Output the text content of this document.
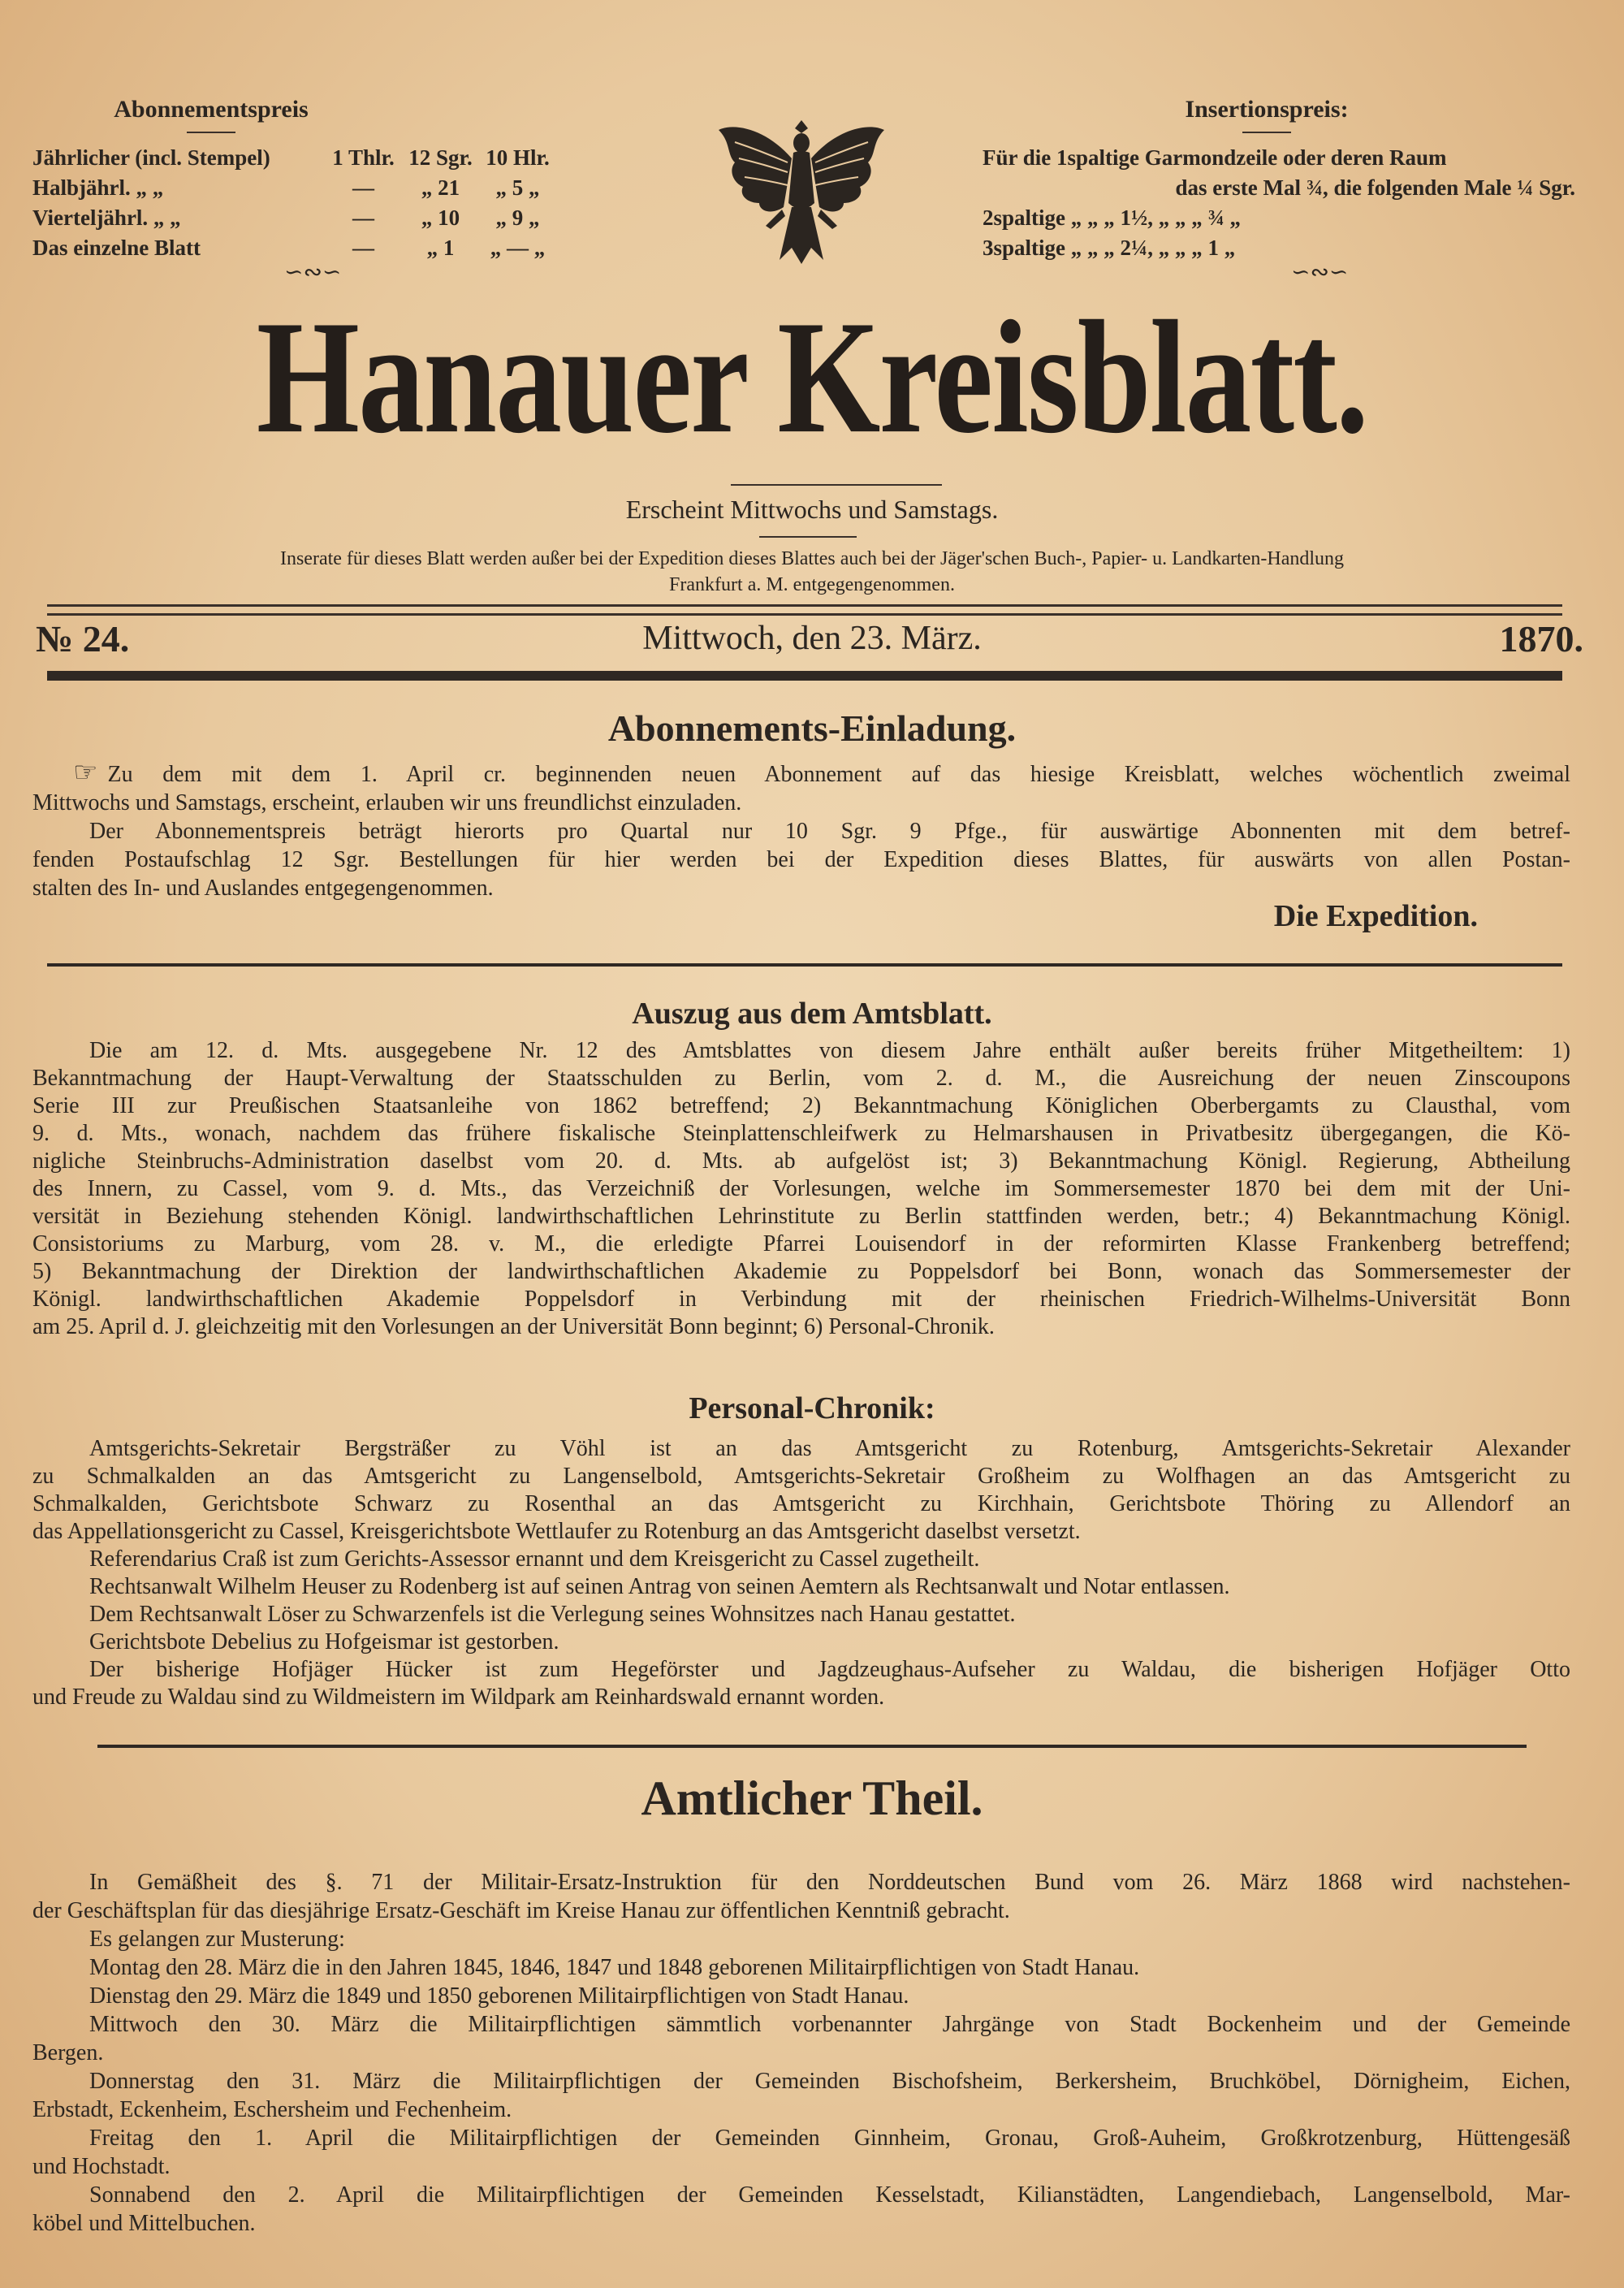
Abonnementspreis
Jährlicher (incl. Stempel)	1 Thlr. 12 Sgr. 10 Hlr.
Halbjährl. „ „	—	„ 21	„ 5 „
Vierteljährl. „ „	—	„ 10	„ 9 „
Das einzelne Blatt	—	„ 1	„ — „
Insertionspreis:
Für die 1spaltige Garmondzeile oder deren Raum
das erste Mal ¾, die folgenden Male ¼ Sgr.
2spaltige „ „ „ 1½, „ „ „ ¾ „
3spaltige „ „ „ 2¼, „ „ „ 1 „
∽∾∽	∽∾∽
Hanauer Kreisblatt.
Erscheint Mittwochs und Samstags.
Inserate für dieses Blatt werden außer bei der Expedition dieses Blattes auch bei der Jäger'schen Buch-, Papier- u. Landkarten-Handlung
Frankfurt a. M. entgegengenommen.
№ 24.	Mittwoch, den 23. März.	1870.
Abonnements-Einladung.
☞ Zu dem mit dem 1. April cr. beginnenden neuen Abonnement auf das hiesige Kreisblatt, welches wöchentlich zweimal
Mittwochs und Samstags, erscheint, erlauben wir uns freundlichst einzuladen.
Der Abonnementspreis beträgt hierorts pro Quartal nur 10 Sgr. 9 Pfge., für auswärtige Abonnenten mit dem betref-
fenden Postaufschlag 12 Sgr. Bestellungen für hier werden bei der Expedition dieses Blattes, für auswärts von allen Postan-
stalten des In- und Auslandes entgegengenommen.
Die Expedition.
Auszug aus dem Amtsblatt.
Die am 12. d. Mts. ausgegebene Nr. 12 des Amtsblattes von diesem Jahre enthält außer bereits früher Mitgetheiltem: 1)
Bekanntmachung der Haupt-Verwaltung der Staatsschulden zu Berlin, vom 2. d. M., die Ausreichung der neuen Zinscoupons
Serie III zur Preußischen Staatsanleihe von 1862 betreffend; 2) Bekanntmachung Königlichen Oberbergamts zu Clausthal, vom
9. d. Mts., wonach, nachdem das frühere fiskalische Steinplattenschleifwerk zu Helmarshausen in Privatbesitz übergegangen, die Kö-
nigliche Steinbruchs-Administration daselbst vom 20. d. Mts. ab aufgelöst ist; 3) Bekanntmachung Königl. Regierung, Abtheilung
des Innern, zu Cassel, vom 9. d. Mts., das Verzeichniß der Vorlesungen, welche im Sommersemester 1870 bei dem mit der Uni-
versität in Beziehung stehenden Königl. landwirthschaftlichen Lehrinstitute zu Berlin stattfinden werden, betr.; 4) Bekanntmachung Königl.
Consistoriums zu Marburg, vom 28. v. M., die erledigte Pfarrei Louisendorf in der reformirten Klasse Frankenberg betreffend;
5) Bekanntmachung der Direktion der landwirthschaftlichen Akademie zu Poppelsdorf bei Bonn, wonach das Sommersemester der
Königl. landwirthschaftlichen Akademie Poppelsdorf in Verbindung mit der rheinischen Friedrich-Wilhelms-Universität Bonn
am 25. April d. J. gleichzeitig mit den Vorlesungen an der Universität Bonn beginnt; 6) Personal-Chronik.
Personal-Chronik:
Amtsgerichts-Sekretair Bergsträßer zu Vöhl ist an das Amtsgericht zu Rotenburg, Amtsgerichts-Sekretair Alexander
zu Schmalkalden an das Amtsgericht zu Langenselbold, Amtsgerichts-Sekretair Großheim zu Wolfhagen an das Amtsgericht zu
Schmalkalden, Gerichtsbote Schwarz zu Rosenthal an das Amtsgericht zu Kirchhain, Gerichtsbote Thöring zu Allendorf an
das Appellationsgericht zu Cassel, Kreisgerichtsbote Wettlaufer zu Rotenburg an das Amtsgericht daselbst versetzt.
Referendarius Craß ist zum Gerichts-Assessor ernannt und dem Kreisgericht zu Cassel zugetheilt.
Rechtsanwalt Wilhelm Heuser zu Rodenberg ist auf seinen Antrag von seinen Aemtern als Rechtsanwalt und Notar entlassen.
Dem Rechtsanwalt Löser zu Schwarzenfels ist die Verlegung seines Wohnsitzes nach Hanau gestattet.
Gerichtsbote Debelius zu Hofgeismar ist gestorben.
Der bisherige Hofjäger Hücker ist zum Hegeförster und Jagdzeughaus-Aufseher zu Waldau, die bisherigen Hofjäger Otto
und Freude zu Waldau sind zu Wildmeistern im Wildpark am Reinhardswald ernannt worden.
Amtlicher Theil.
In Gemäßheit des §. 71 der Militair-Ersatz-Instruktion für den Norddeutschen Bund vom 26. März 1868 wird nachstehen-
der Geschäftsplan für das diesjährige Ersatz-Geschäft im Kreise Hanau zur öffentlichen Kenntniß gebracht.
Es gelangen zur Musterung:
Montag den 28. März die in den Jahren 1845, 1846, 1847 und 1848 geborenen Militairpflichtigen von Stadt Hanau.
Dienstag den 29. März die 1849 und 1850 geborenen Militairpflichtigen von Stadt Hanau.
Mittwoch den 30. März die Militairpflichtigen sämmtlich vorbenannter Jahrgänge von Stadt Bockenheim und der Gemeinde
Bergen.
Donnerstag den 31. März die Militairpflichtigen der Gemeinden Bischofsheim, Berkersheim, Bruchköbel, Dörnigheim, Eichen,
Erbstadt, Eckenheim, Eschersheim und Fechenheim.
Freitag den 1. April die Militairpflichtigen der Gemeinden Ginnheim, Gronau, Groß-Auheim, Großkrotzenburg, Hüttengesäß
und Hochstadt.
Sonnabend den 2. April die Militairpflichtigen der Gemeinden Kesselstadt, Kilianstädten, Langendiebach, Langenselbold, Mar-
köbel und Mittelbuchen.
